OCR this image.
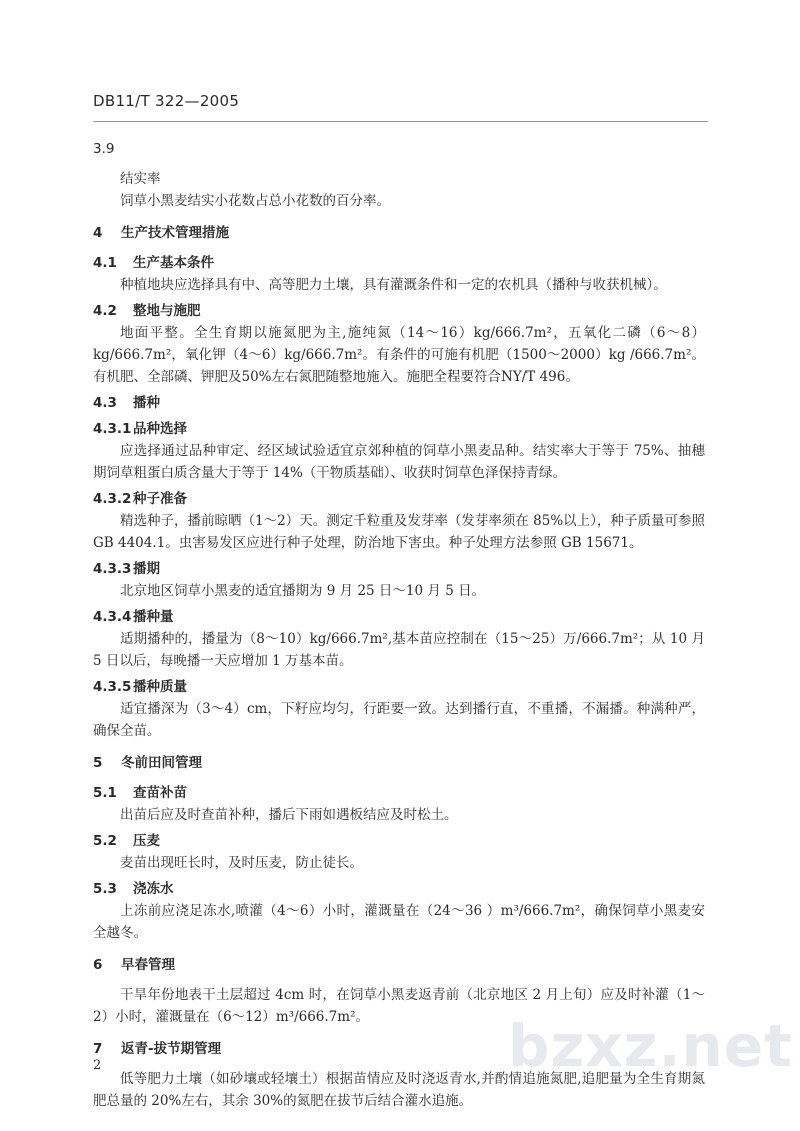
DB11/T 322—2005
3.9
结实率

饲草小黑麦结实小花数占总小花数的百分率。

4 生产技术管理措施
4.1 生产基本条件

种植地块应选择具有中、高等肥力土壤，具有灌溉条件和一定的农机具（播种与收获机械）。

4.2 整地与施肥

地面平整。全生育期以施氮肥为主,施纯氮（14～16）kg/666.7m²，五氧化二磷（6～8）kg/666.7m²，氧化钾（4～6）kg/666.7m²。有条件的可施有机肥（1500～2000）kg /666.7m²。有机肥、全部磷、钾肥及50%左右氮肥随整地施入。施肥全程要符合NY/T 496。

4.3 播种
4.3.1 品种选择

应选择通过品种审定、经区域试验适宜京郊种植的饲草小黑麦品种。结实率大于等于 75%、抽穗期饲草粗蛋白质含量大于等于 14%（干物质基础）、收获时饲草色泽保持青绿。

4.3.2 种子准备

精选种子，播前晾晒（1～2）天。测定千粒重及发芽率（发芽率须在 85%以上），种子质量可参照GB 4404.1。虫害易发区应进行种子处理，防治地下害虫。种子处理方法参照 GB 15671。

4.3.3 播期

北京地区饲草小黑麦的适宜播期为 9 月 25 日～10 月 5 日。

4.3.4 播种量

适期播种的，播量为（8～10）kg/666.7m²,基本苗应控制在（15～25）万/666.7m²；从 10 月 5 日以后，每晚播一天应增加 1 万基本苗。

4.3.5 播种质量

适宜播深为（3～4）cm，下籽应均匀，行距要一致。达到播行直，不重播，不漏播。种满种严，确保全苗。

5 冬前田间管理
5.1 查苗补苗

出苗后应及时查苗补种，播后下雨如遇板结应及时松土。

5.2 压麦

麦苗出现旺长时，及时压麦，防止徒长。

5.3 浇冻水

上冻前应浇足冻水,喷灌（4～6）小时，灌溉量在（24～36 ）m³/666.7m²，确保饲草小黑麦安全越冬。

6 早春管理

干旱年份地表干土层超过 4cm 时，在饲草小黑麦返青前（北京地区 2 月上旬）应及时补灌（1～2）小时，灌溉量在（6～12）m³/666.7m²。

7 返青-拔节期管理

低等肥力土壤（如砂壤或轻壤土）根据苗情应及时浇返青水,并酌情追施氮肥,追肥量为全生育期氮肥总量的 20%左右，其余 30%的氮肥在拔节后结合灌水追施。

bzxz.net
2
